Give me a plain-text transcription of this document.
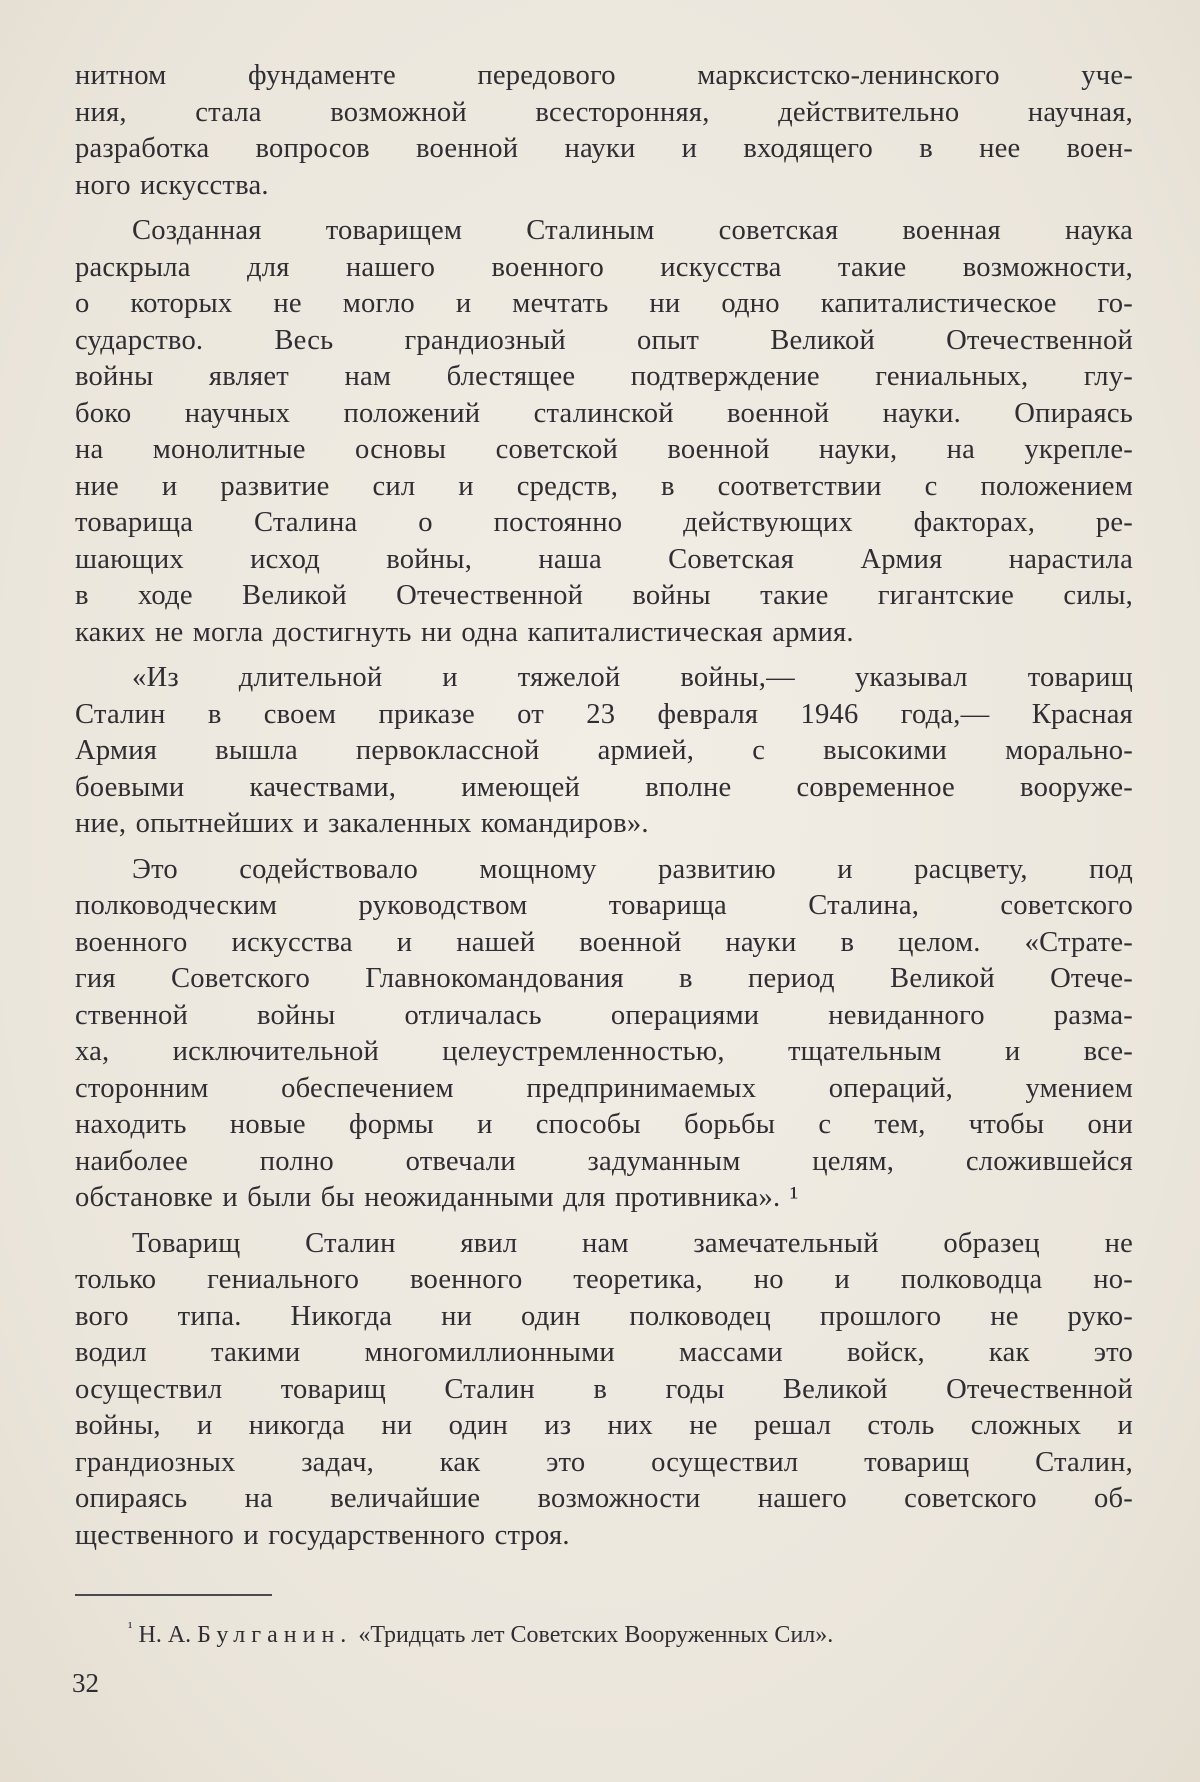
нитном фундаменте передового марксистско-ленинского уче-
ния, стала возможной всесторонняя, действительно научная,
разработка вопросов военной науки и входящего в нее воен-
ного искусства.
Созданная товарищем Сталиным советская военная наука
раскрыла для нашего военного искусства такие возможности,
о которых не могло и мечтать ни одно капиталистическое го-
сударство. Весь грандиозный опыт Великой Отечественной
войны являет нам блестящее подтверждение гениальных, глу-
боко научных положений сталинской военной науки. Опираясь
на монолитные основы советской военной науки, на укрепле-
ние и развитие сил и средств, в соответствии с положением
товарища Сталина о постоянно действующих факторах, ре-
шающих исход войны, наша Советская Армия нарастила
в ходе Великой Отечественной войны такие гигантские силы,
каких не могла достигнуть ни одна капиталистическая армия.
«Из длительной и тяжелой войны,— указывал товарищ
Сталин в своем приказе от 23 февраля 1946 года,— Красная
Армия вышла первоклассной армией, с высокими морально-
боевыми качествами, имеющей вполне современное вооруже-
ние, опытнейших и закаленных командиров».
Это содействовало мощному развитию и расцвету, под
полководческим руководством товарища Сталина, советского
военного искусства и нашей военной науки в целом. «Страте-
гия Советского Главнокомандования в период Великой Отече-
ственной войны отличалась операциями невиданного разма-
ха, исключительной целеустремленностью, тщательным и все-
сторонним обеспечением предпринимаемых операций, умением
находить новые формы и способы борьбы с тем, чтобы они
наиболее полно отвечали задуманным целям, сложившейся
обстановке и были бы неожиданными для противника». ¹
Товарищ Сталин явил нам замечательный образец не
только гениального военного теоретика, но и полководца но-
вого типа. Никогда ни один полководец прошлого не руко-
водил такими многомиллионными массами войск, как это
осуществил товарищ Сталин в годы Великой Отечественной
войны, и никогда ни один из них не решал столь сложных и
грандиозных задач, как это осуществил товарищ Сталин,
опираясь на величайшие возможности нашего советского об-
щественного и государственного строя.
$^{^1}$ Н. А. Булганин. «Тридцать лет Советских Вооруженных Сил».
32
